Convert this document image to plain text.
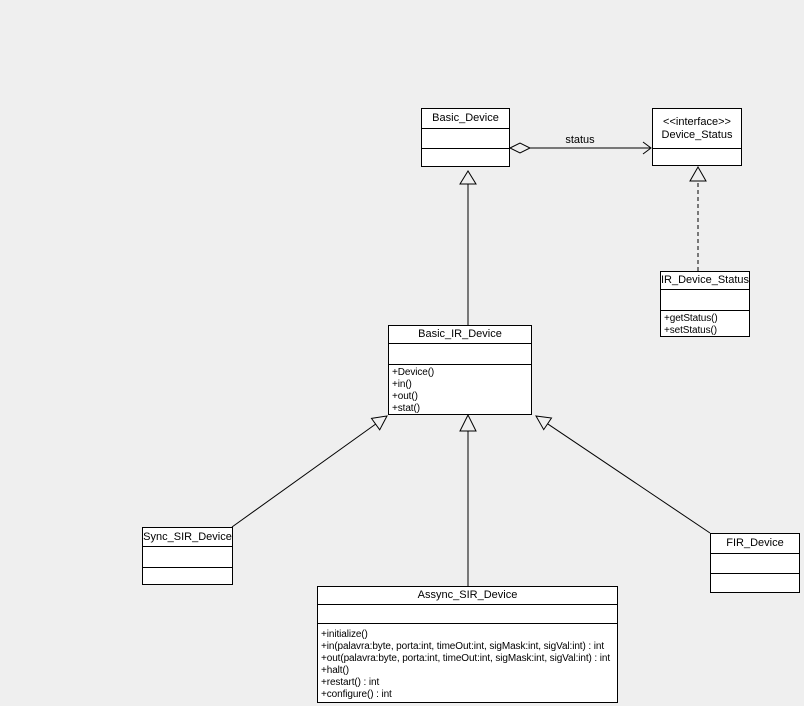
status
Basic_Device	<<interface>>
Device_Status
IR_Device_Status
+getStatus()
+setStatus()
Basic_IR_Device
+Device()
+in()
+out()
+stat()
Sync_SIR_Device
Assync_SIR_Device
+initialize()
+in(palavra:byte, porta:int, timeOut:int, sigMask:int, sigVal:int) : int
+out(palavra:byte, porta:int, timeOut:int, sigMask:int, sigVal:int) : int
+halt()
+restart() : int
+configure() : int
FIR_Device
